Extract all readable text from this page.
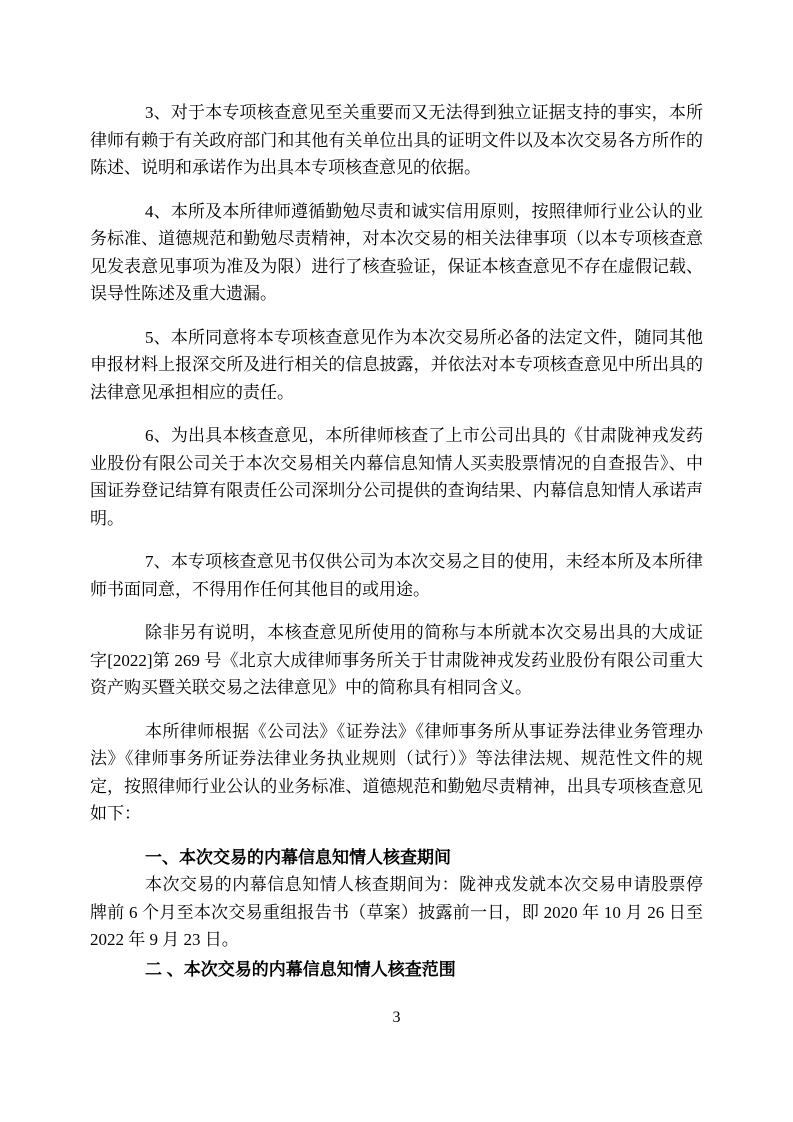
3、对于本专项核查意见至关重要而又无法得到独立证据支持的事实，本所律师有赖于有关政府部门和其他有关单位出具的证明文件以及本次交易各方所作的陈述、说明和承诺作为出具本专项核查意见的依据。

4、本所及本所律师遵循勤勉尽责和诚实信用原则，按照律师行业公认的业务标准、道德规范和勤勉尽责精神，对本次交易的相关法律事项（以本专项核查意见发表意见事项为准及为限）进行了核查验证，保证本核查意见不存在虚假记载、误导性陈述及重大遗漏。

5、本所同意将本专项核查意见作为本次交易所必备的法定文件，随同其他申报材料上报深交所及进行相关的信息披露，并依法对本专项核查意见中所出具的法律意见承担相应的责任。

6、为出具本核查意见，本所律师核查了上市公司出具的《甘肃陇神戎发药业股份有限公司关于本次交易相关内幕信息知情人买卖股票情况的自查报告》、中国证券登记结算有限责任公司深圳分公司提供的查询结果、内幕信息知情人承诺声明。

7、本专项核查意见书仅供公司为本次交易之目的使用，未经本所及本所律师书面同意，不得用作任何其他目的或用途。

除非另有说明，本核查意见所使用的简称与本所就本次交易出具的大成证字[2022]第 269 号《北京大成律师事务所关于甘肃陇神戎发药业股份有限公司重大资产购买暨关联交易之法律意见》中的简称具有相同含义。

本所律师根据《公司法》《证券法》《律师事务所从事证券法律业务管理办法》《律师事务所证券法律业务执业规则（试行）》等法律法规、规范性文件的规定，按照律师行业公认的业务标准、道德规范和勤勉尽责精神，出具专项核查意见如下：

一、本次交易的内幕信息知情人核查期间

本次交易的内幕信息知情人核查期间为：陇神戎发就本次交易申请股票停牌前 6 个月至本次交易重组报告书（草案）披露前一日，即 2020 年 10 月 26 日至 2022 年 9 月 23 日。

二 、本次交易的内幕信息知情人核查范围
3
